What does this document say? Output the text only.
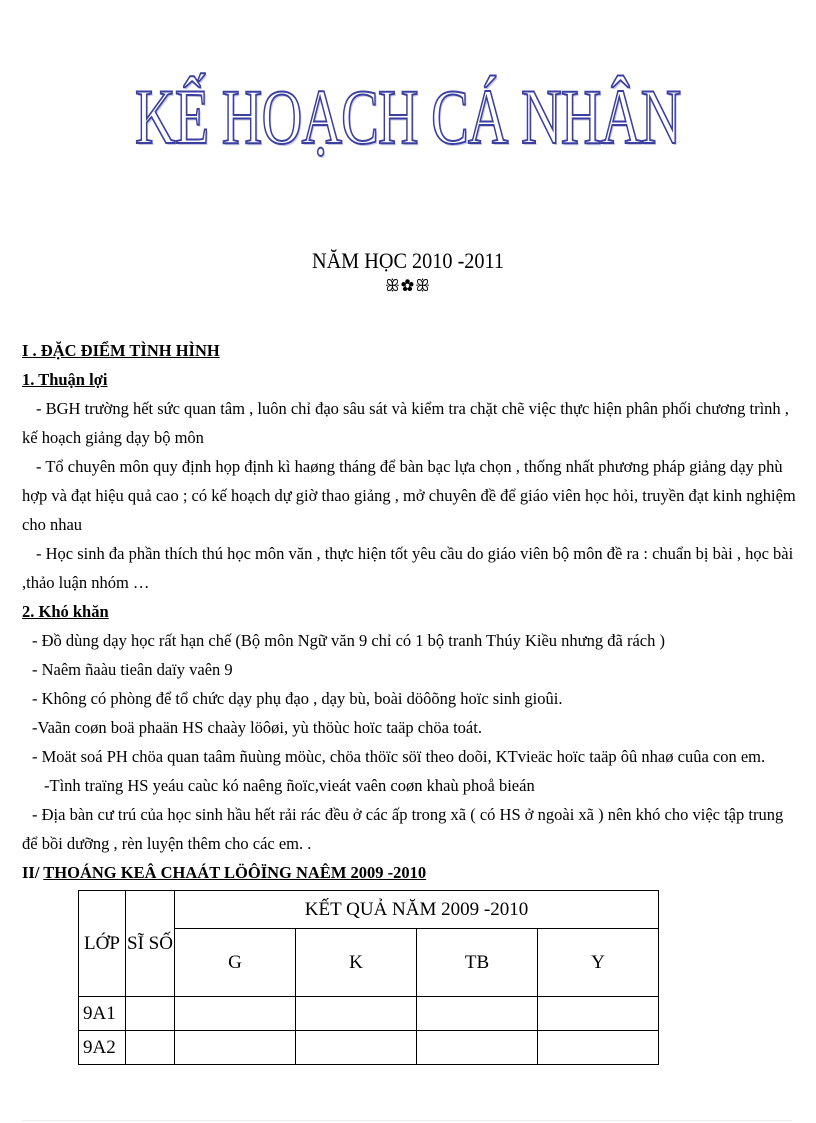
KẾ HOẠCH CÁ NHÂN
NĂM HỌC 2010 -2011
ꕥ✿ꕥ
I . ĐẶC ĐIỂM TÌNH HÌNH
1. Thuận lợi
- BGH trường hết sức quan tâm , luôn chỉ đạo sâu sát và kiểm tra chặt chẽ việc thực hiện phân phối chương trình , kế hoạch giảng dạy bộ môn
- Tổ chuyên môn quy định họp định kì haøng tháng để bàn bạc lựa chọn , thống nhất phương pháp giảng dạy phù hợp và đạt hiệu quả cao ; có kế hoạch dự giờ thao giảng , mở chuyên đề để giáo viên học hỏi, truyền đạt kinh nghiệm cho nhau
- Học sinh đa phần thích thú học môn văn , thực hiện tốt yêu cầu do giáo viên bộ môn đề ra : chuẩn bị bài , học bài ,thảo luận nhóm …
2. Khó khăn
- Đồ dùng dạy học rất hạn chế (Bộ môn Ngữ văn 9 chỉ có 1 bộ tranh Thúy Kiều nhưng đã rách )
- Naêm ñaàu tieân daïy vaên 9
- Không có phòng để tổ chức dạy phụ đạo , dạy bù, boài döôõng hoïc sinh gioûi.
-Vaãn coøn boä phaän HS chaày löôøi, yù thöùc hoïc taäp chöa toát.
- Moät soá PH chöa quan taâm ñuùng möùc, chöa thöïc söï theo doõi, KTvieäc hoïc taäp ôû nhaø cuûa con em.
-Tình traïng HS yeáu caùc kó naêng ñoïc,vieát vaên coøn khaù phoå bieán
- Địa bàn cư trú của học sinh hầu hết rải rác đều ở các ấp trong xã ( có HS ở ngoài xã ) nên khó cho việc tập trung để bồi dưỡng , rèn luyện thêm cho các em. .
II/ THOÁNG KEÂ CHAÁT LÖÔÏNG NAÊM 2009 -2010
LỚP	SĨ SỐ	KẾT QUẢ NĂM 2009 -2010			
		G	K	TB	Y
9A1					
9A2					
